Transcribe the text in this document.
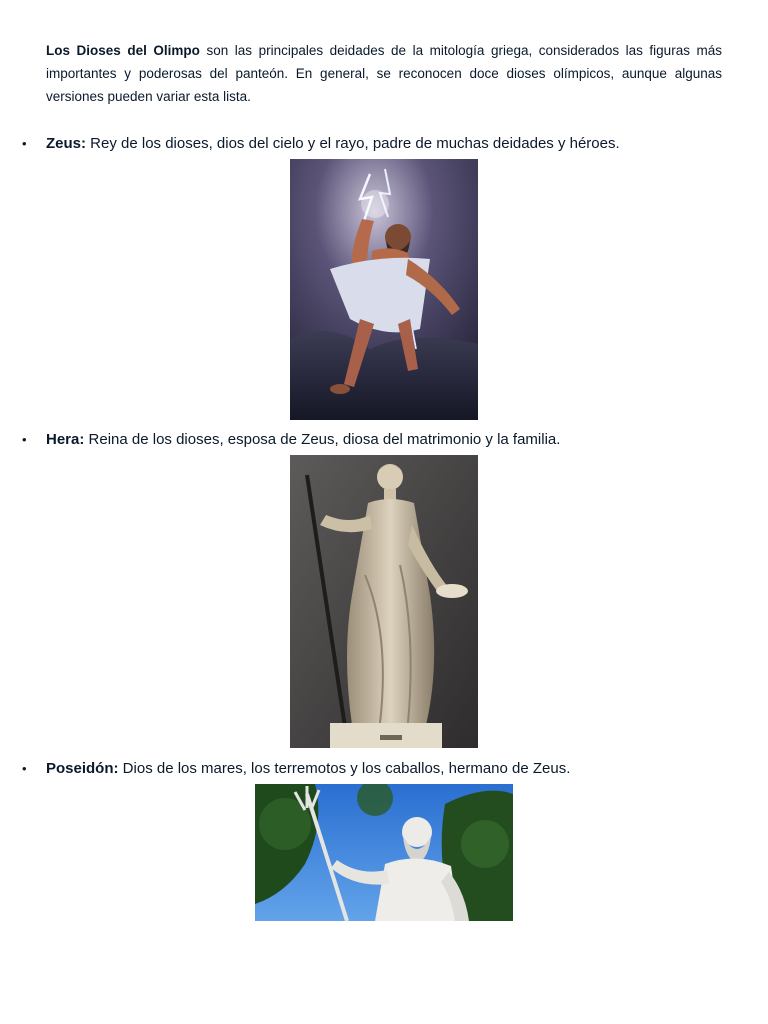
Los Dioses del Olimpo son las principales deidades de la mitología griega, considerados las figuras más importantes y poderosas del panteón. En general, se reconocen doce dioses olímpicos, aunque algunas versiones pueden variar esta lista.

• Zeus: Rey de los dioses, dios del cielo y el rayo, padre de muchas deidades y héroes.
• Hera: Reina de los dioses, esposa de Zeus, diosa del matrimonio y la familia.
• Poseidón: Dios de los mares, los terremotos y los caballos, hermano de Zeus.
